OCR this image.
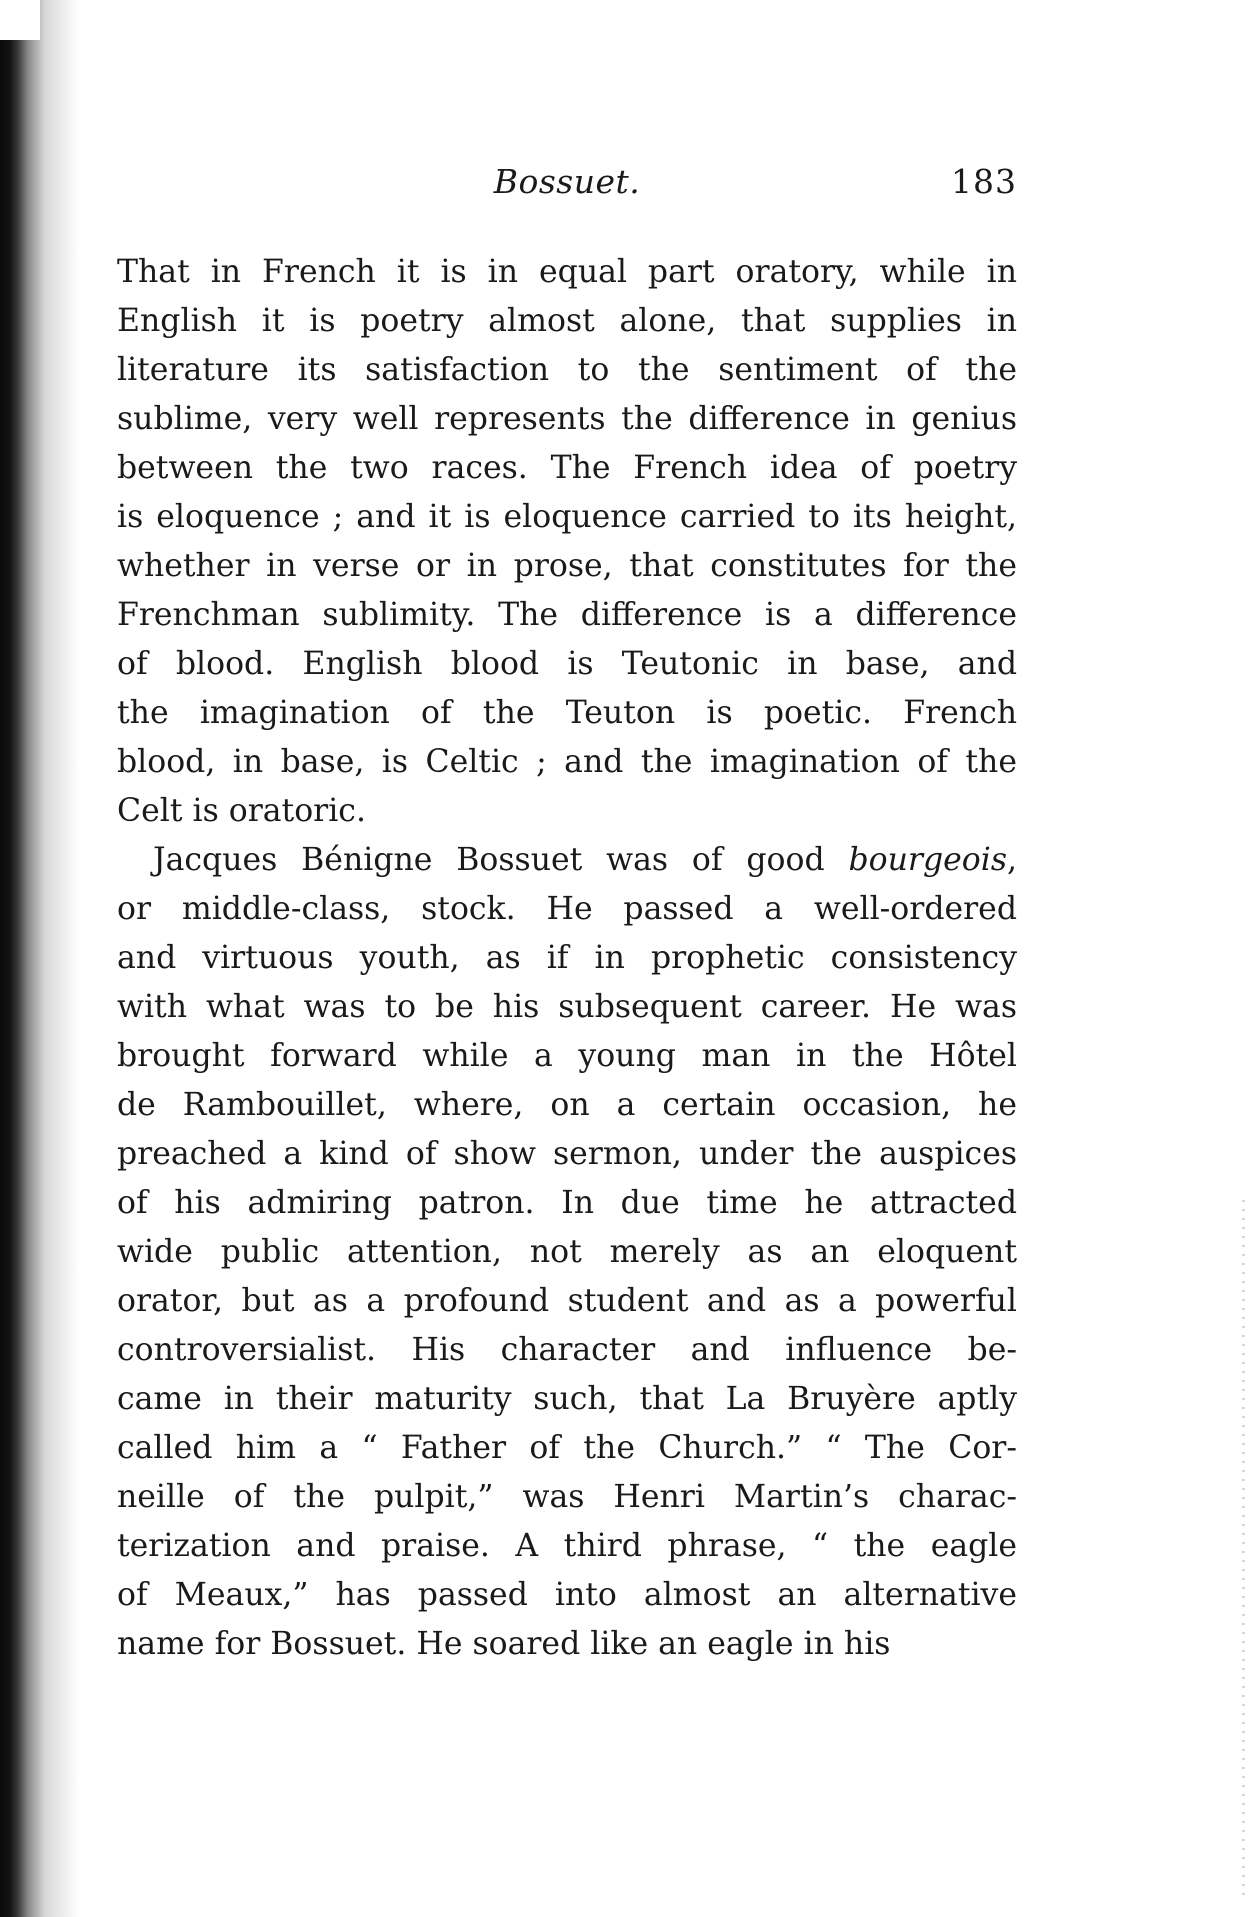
Bossuet.	183
That in French it is in equal part oratory, while in
English it is poetry almost alone, that supplies in
literature its satisfaction to the sentiment of the
sublime, very well represents the difference in genius
between the two races. The French idea of poetry
is eloquence ; and it is eloquence carried to its height,
whether in verse or in prose, that constitutes for the
Frenchman sublimity. The difference is a difference
of blood. English blood is Teutonic in base, and
the imagination of the Teuton is poetic. French
blood, in base, is Celtic ; and the imagination of the
Celt is oratoric.
Jacques Bénigne Bossuet was of good bourgeois,
or middle-class, stock. He passed a well-ordered
and virtuous youth, as if in prophetic consistency
with what was to be his subsequent career. He was
brought forward while a young man in the Hôtel
de Rambouillet, where, on a certain occasion, he
preached a kind of show sermon, under the auspices
of his admiring patron. In due time he attracted
wide public attention, not merely as an eloquent
orator, but as a profound student and as a powerful
controversialist. His character and influence be-
came in their maturity such, that La Bruyère aptly
called him a “ Father of the Church.” “ The Cor-
neille of the pulpit,” was Henri Martin’s charac-
terization and praise. A third phrase, “ the eagle
of Meaux,” has passed into almost an alternative
name for Bossuet. He soared like an eagle in his
